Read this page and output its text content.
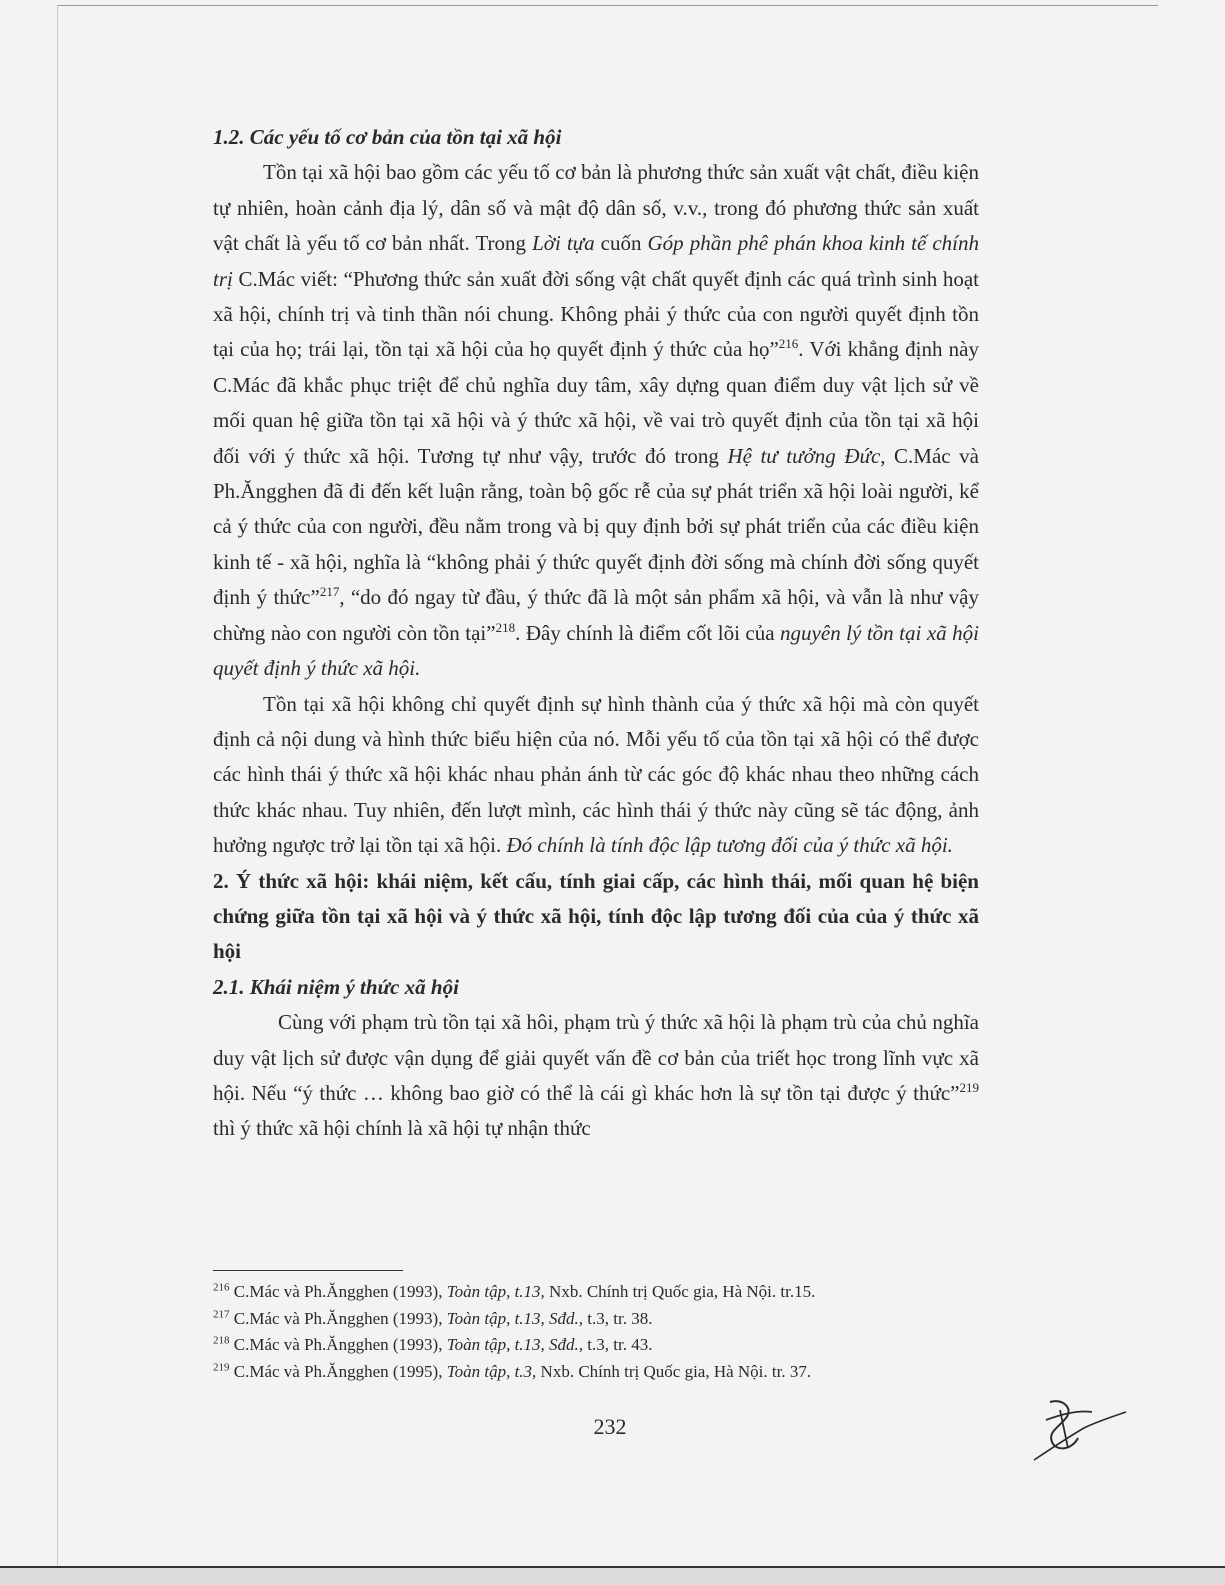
1.2. Các yếu tố cơ bản của tồn tại xã hội

Tồn tại xã hội bao gồm các yếu tố cơ bản là phương thức sản xuất vật chất, điều kiện tự nhiên, hoàn cảnh địa lý, dân số và mật độ dân số, v.v., trong đó phương thức sản xuất vật chất là yếu tố cơ bản nhất. Trong Lời tựa cuốn Góp phần phê phán khoa kinh tế chính trị C.Mác viết: “Phương thức sản xuất đời sống vật chất quyết định các quá trình sinh hoạt xã hội, chính trị và tinh thần nói chung. Không phải ý thức của con người quyết định tồn tại của họ; trái lại, tồn tại xã hội của họ quyết định ý thức của họ”$^{216}$. Với khẳng định này C.Mác đã khắc phục triệt để chủ nghĩa duy tâm, xây dựng quan điểm duy vật lịch sử về mối quan hệ giữa tồn tại xã hội và ý thức xã hội, về vai trò quyết định của tồn tại xã hội đối với ý thức xã hội. Tương tự như vậy, trước đó trong Hệ tư tưởng Đức, C.Mác và Ph.Ăngghen đã đi đến kết luận rằng, toàn bộ gốc rễ của sự phát triển xã hội loài người, kể cả ý thức của con người, đều nằm trong và bị quy định bởi sự phát triển của các điều kiện kinh tế - xã hội, nghĩa là “không phải ý thức quyết định đời sống mà chính đời sống quyết định ý thức”$^{217}$, “do đó ngay từ đầu, ý thức đã là một sản phẩm xã hội, và vẫn là như vậy chừng nào con người còn tồn tại”$^{218}$. Đây chính là điểm cốt lõi của nguyên lý tồn tại xã hội quyết định ý thức xã hội.

Tồn tại xã hội không chỉ quyết định sự hình thành của ý thức xã hội mà còn quyết định cả nội dung và hình thức biểu hiện của nó. Mỗi yếu tố của tồn tại xã hội có thể được các hình thái ý thức xã hội khác nhau phản ánh từ các góc độ khác nhau theo những cách thức khác nhau. Tuy nhiên, đến lượt mình, các hình thái ý thức này cũng sẽ tác động, ảnh hưởng ngược trở lại tồn tại xã hội. Đó chính là tính độc lập tương đối của ý thức xã hội.

2. Ý thức xã hội: khái niệm, kết cấu, tính giai cấp, các hình thái, mối quan hệ biện chứng giữa tồn tại xã hội và ý thức xã hội, tính độc lập tương đối của của ý thức xã hội

2.1. Khái niệm ý thức xã hội

Cùng với phạm trù tồn tại xã hôi, phạm trù ý thức xã hội là phạm trù của chủ nghĩa duy vật lịch sử được vận dụng để giải quyết vấn đề cơ bản của triết học trong lĩnh vực xã hội. Nếu “ý thức … không bao giờ có thể là cái gì khác hơn là sự tồn tại được ý thức”$^{219}$ thì ý thức xã hội chính là xã hội tự nhận thức

$^{216}$ C.Mác và Ph.Ăngghen (1993), Toàn tập, t.13, Nxb. Chính trị Quốc gia, Hà Nội. tr.15.

$^{217}$ C.Mác và Ph.Ăngghen (1993), Toàn tập, t.13, Sđd., t.3, tr. 38.

$^{218}$ C.Mác và Ph.Ăngghen (1993), Toàn tập, t.13, Sđd., t.3, tr. 43.

$^{219}$ C.Mác và Ph.Ăngghen (1995), Toàn tập, t.3, Nxb. Chính trị Quốc gia, Hà Nội. tr. 37.

232
